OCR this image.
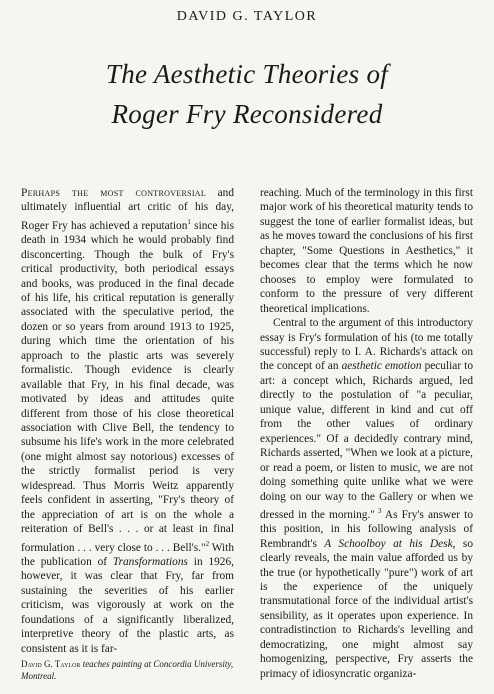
DAVID G. TAYLOR
The Aesthetic Theories of
Roger Fry Reconsidered

Perhaps the most controversial and ultimately influential art critic of his day, Roger Fry has achieved a reputation$^1$ since his death in 1934 which he would probably find disconcerting. Though the bulk of Fry's critical productivity, both periodical essays and books, was produced in the final decade of his life, his critical reputation is generally associated with the speculative period, the dozen or so years from around 1913 to 1925, during which time the orientation of his approach to the plastic arts was severely formalistic. Though evidence is clearly available that Fry, in his final decade, was motivated by ideas and attitudes quite different from those of his close theoretical association with Clive Bell, the tendency to subsume his life's work in the more celebrated (one might almost say notorious) excesses of the strictly formalist period is very widespread. Thus Morris Weitz apparently feels confident in asserting, "Fry's theory of the appreciation of art is on the whole a reiteration of Bell's . . . or at least in final formulation . . . very close to . . . Bell's."$^2$ With the publication of Transformations in 1926, however, it was clear that Fry, far from sustaining the severities of his earlier criticism, was vigorously at work on the foundations of a significantly liberalized, interpretive theory of the plastic arts, as consistent as it is far-

reaching. Much of the terminology in this first major work of his theoretical maturity tends to suggest the tone of earlier formalist ideas, but as he moves toward the conclusions of his first chapter, "Some Questions in Aesthetics," it becomes clear that the terms which he now chooses to employ were formulated to conform to the pressure of very different theoretical implications.

Central to the argument of this introductory essay is Fry's formulation of his (to me totally successful) reply to I. A. Richards's attack on the concept of an aesthetic emotion peculiar to art: a concept which, Richards argued, led directly to the postulation of "a peculiar, unique value, different in kind and cut off from the other values of ordinary experiences." Of a decidedly contrary mind, Richards asserted, "When we look at a picture, or read a poem, or listen to music, we are not doing something quite unlike what we were doing on our way to the Gallery or when we dressed in the morning." $^3$ As Fry's answer to this position, in his following analysis of Rembrandt's A Schoolboy at his Desk, so clearly reveals, the main value afforded us by the true (or hypothetically "pure") work of art is the experience of the uniquely transmutational force of the individual artist's sensibility, as it operates upon experience. In contradistinction to Richards's levelling and democratizing, one might almost say homogenizing, perspective, Fry asserts the primacy of idiosyncratic organiza-

David G. Taylor teaches painting at Concordia University, Montreal.
